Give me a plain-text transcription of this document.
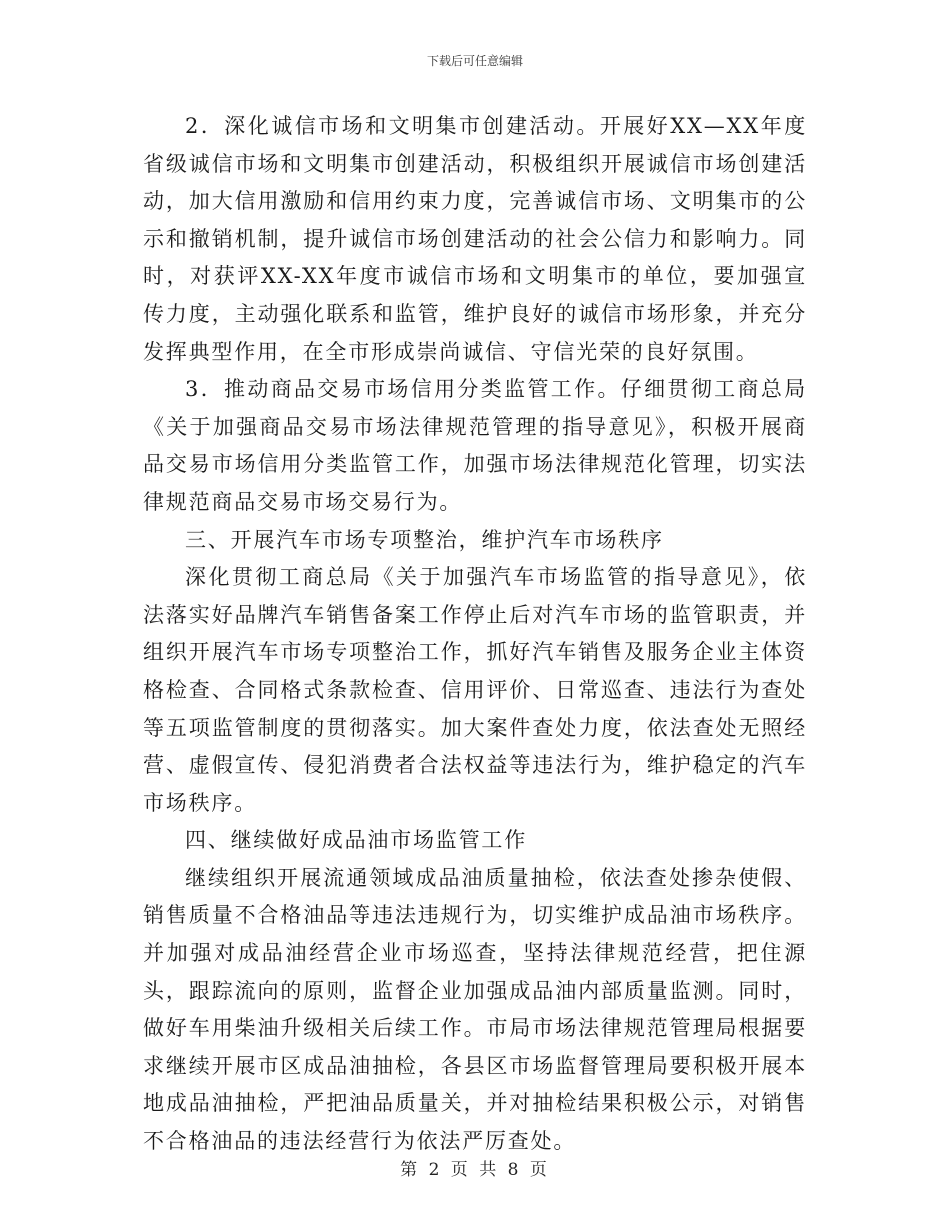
下载后可任意编辑

2．深化诚信市场和文明集市创建活动。开展好XX—XX年度省级诚信市场和文明集市创建活动，积极组织开展诚信市场创建活动，加大信用激励和信用约束力度，完善诚信市场、文明集市的公示和撤销机制，提升诚信市场创建活动的社会公信力和影响力。同时，对获评XX-XX年度市诚信市场和文明集市的单位，要加强宣传力度，主动强化联系和监管，维护良好的诚信市场形象，并充分发挥典型作用，在全市形成崇尚诚信、守信光荣的良好氛围。

3．推动商品交易市场信用分类监管工作。仔细贯彻工商总局《关于加强商品交易市场法律规范管理的指导意见》，积极开展商品交易市场信用分类监管工作，加强市场法律规范化管理，切实法律规范商品交易市场交易行为。

三、开展汽车市场专项整治，维护汽车市场秩序

深化贯彻工商总局《关于加强汽车市场监管的指导意见》，依法落实好品牌汽车销售备案工作停止后对汽车市场的监管职责，并组织开展汽车市场专项整治工作，抓好汽车销售及服务企业主体资格检查、合同格式条款检查、信用评价、日常巡查、违法行为查处等五项监管制度的贯彻落实。加大案件查处力度，依法查处无照经营、虚假宣传、侵犯消费者合法权益等违法行为，维护稳定的汽车市场秩序。

四、继续做好成品油市场监管工作

继续组织开展流通领域成品油质量抽检，依法查处掺杂使假、销售质量不合格油品等违法违规行为，切实维护成品油市场秩序。并加强对成品油经营企业市场巡查，坚持法律规范经营，把住源头，跟踪流向的原则，监督企业加强成品油内部质量监测。同时，做好车用柴油升级相关后续工作。市局市场法律规范管理局根据要求继续开展市区成品油抽检，各县区市场监督管理局要积极开展本地成品油抽检，严把油品质量关，并对抽检结果积极公示，对销售不合格油品的违法经营行为依法严厉查处。

第 2 页 共 8 页
